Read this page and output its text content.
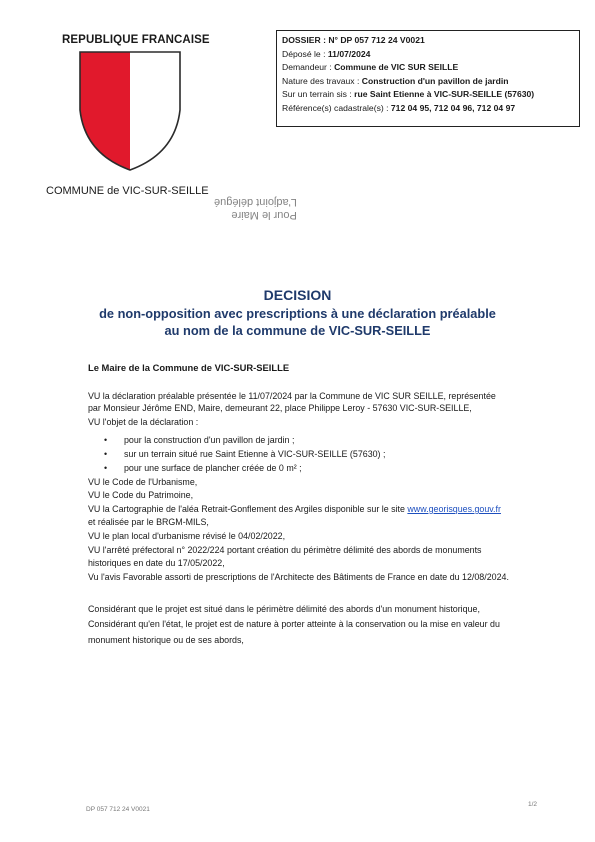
REPUBLIQUE FRANCAISE
COMMUNE de VIC-SUR-SEILLE
Pour le Maire
L'adjoint délégué
DOSSIER : N° DP 057 712 24 V0021
Déposé le : 11/07/2024
Demandeur : Commune de VIC SUR SEILLE
Nature des travaux : Construction d'un pavillon de jardin
Sur un terrain sis : rue Saint Etienne à VIC-SUR-SEILLE (57630)
Référence(s) cadastrale(s) : 712 04 95, 712 04 96, 712 04 97
DECISION
de non-opposition avec prescriptions à une déclaration préalable
au nom de la commune de VIC-SUR-SEILLE
Le Maire de la Commune de VIC-SUR-SEILLE
VU la déclaration préalable présentée le 11/07/2024 par la Commune de VIC SUR SEILLE, représentée
par Monsieur Jérôme END, Maire, demeurant 22, place Philippe Leroy - 57630 VIC-SUR-SEILLE,
VU l'objet de la déclaration :
• pour la construction d'un pavillon de jardin ;
• sur un terrain situé rue Saint Etienne à VIC-SUR-SEILLE (57630) ;
• pour une surface de plancher créée de 0 m² ;
VU le Code de l'Urbanisme,
VU le Code du Patrimoine,
VU la Cartographie de l'aléa Retrait-Gonflement des Argiles disponible sur le site www.georisques.gouv.fr
et réalisée par le BRGM-MILS,
VU le plan local d'urbanisme révisé le 04/02/2022,
VU l'arrêté préfectoral n° 2022/224 portant création du périmètre délimité des abords de monuments
historiques en date du 17/05/2022,
Vu l'avis Favorable assorti de prescriptions de l'Architecte des Bâtiments de France en date du 12/08/2024.
Considérant que le projet est situé dans le périmètre délimité des abords d'un monument historique,
Considérant qu'en l'état, le projet est de nature à porter atteinte à la conservation ou la mise en valeur du
monument historique ou de ses abords,
DP 057 712 24 V0021
1/2
